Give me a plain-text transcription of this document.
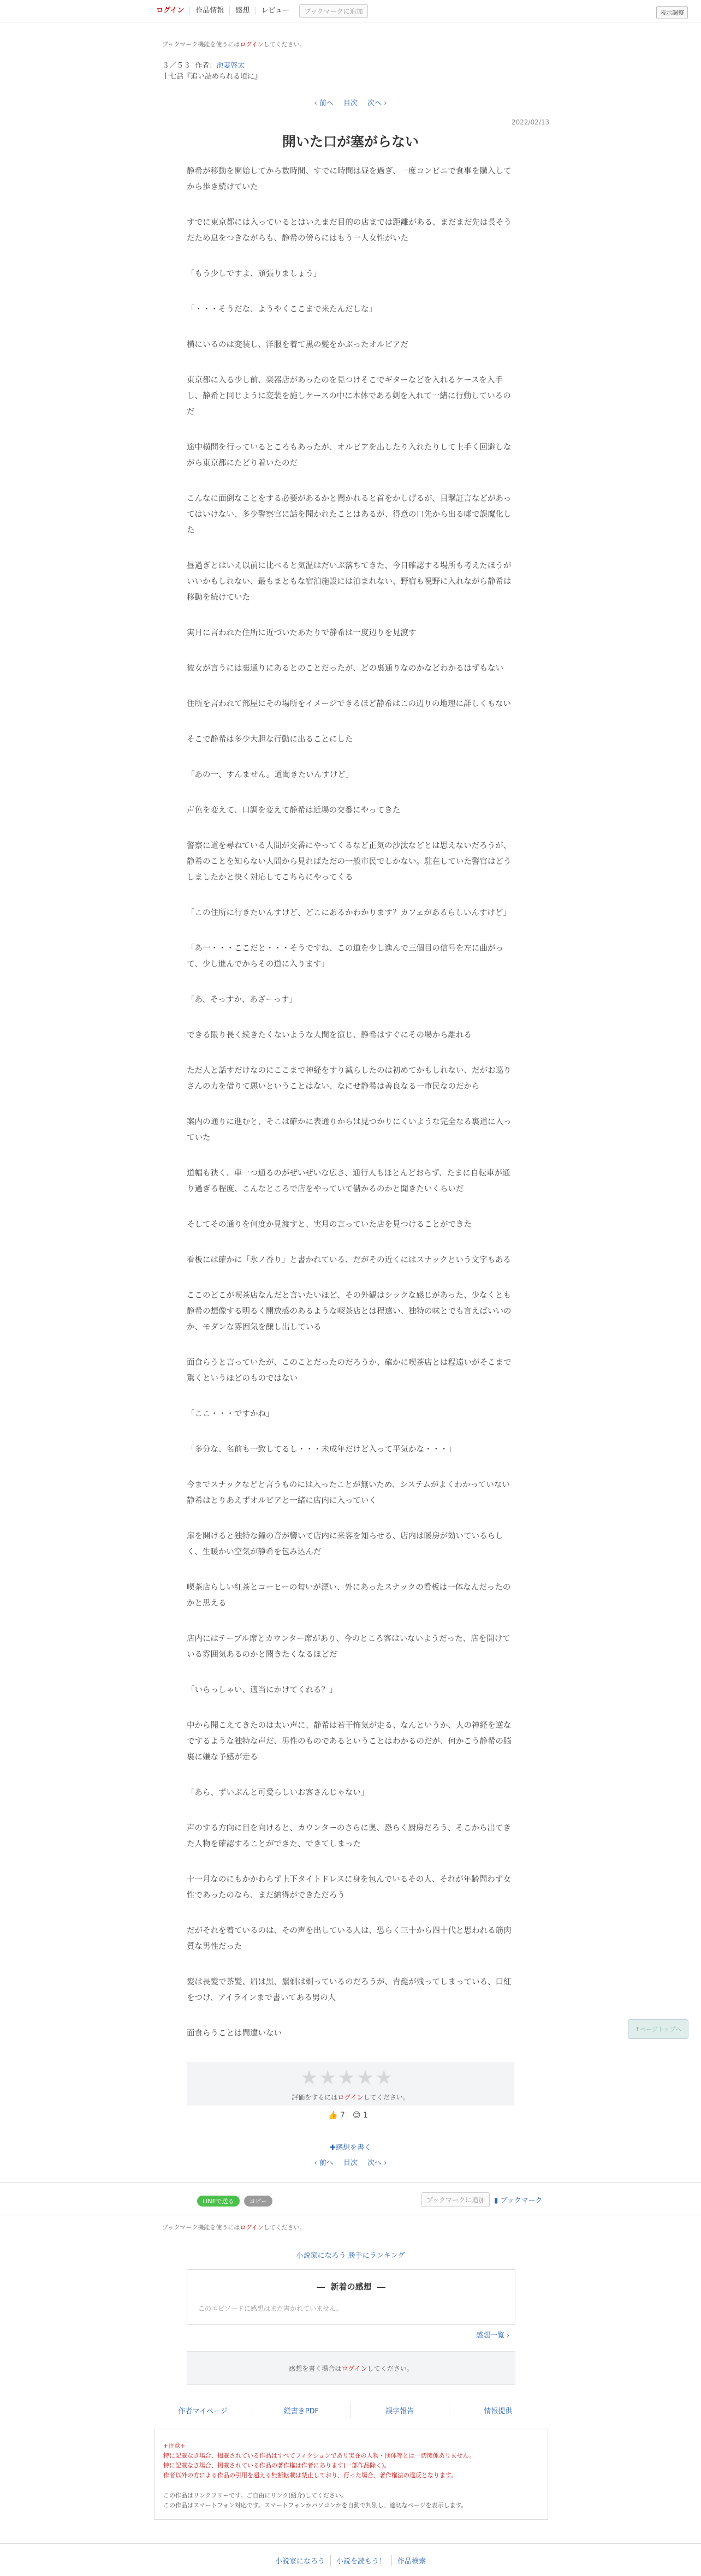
ログイン	作品情報	感想	レビュー	ブックマークに追加	表示調整
ブックマーク機能を使うにはログインしてください。
３／５３ 作者：池妻啓太
十七話『追い詰められる頃に』
‹ 前へ 目次 次へ ›
2022/02/13
開いた口が塞がらない

静希が移動を開始してから数時間、すでに時間は昼を過ぎ、一度コンビニで食事を購入してから歩き続けていた

すでに東京都には入っているとはいえまだ目的の店までは距離がある、まだまだ先は長そうだため息をつきながらも、静希の傍らにはもう一人女性がいた

「もう少しですよ、頑張りましょう」

「・・・そうだな、ようやくここまで来たんだしな」

横にいるのは変装し、洋服を着て黒の髪をかぶったオルビアだ

東京都に入る少し前、楽器店があったのを見つけそこでギターなどを入れるケースを入手し、静希と同じように変装を施しケースの中に本体である剣を入れて一緒に行動しているのだ

途中横問を行っているところもあったが、オルビアを出したり入れたりして上手く回避しながら東京都にたどり着いたのだ

こんなに面倒なことをする必要があるかと聞かれると首をかしげるが、目撃証言などがあってはいけない、多少警察官に話を聞かれたことはあるが、得意の口先から出る嘘で誤魔化した

昼過ぎとはいえ以前に比べると気温はだいぶ落ちてきた、今日確認する場所も考えたほうがいいかもしれない、最もまともな宿泊施設には泊まれない、野宿も視野に入れながら静希は移動を続けていた

実月に言われた住所に近づいたあたりで静希は一度辺りを見渡す

彼女が言うには裏通りにあるとのことだったが、どの裏通りなのかなどわかるはずもない

住所を言われて部屋にその場所をイメージできるほど静希はこの辺りの地理に詳しくもない

そこで静希は多少大胆な行動に出ることにした

「あの一、すんません。道聞きたいんすけど」

声色を変えて、口調を変えて静希は近場の交番にやってきた

警察に道を尋ねている人間が交番にやってくるなど正気の沙汰などとは思えないだろうが、静希のことを知らない人間から見ればただの一般市民でしかない。駐在していた警官はどうしましたかと快く対応してこちらにやってくる

「この住所に行きたいんすけど、どこにあるかわかります？カフェがあるらしいんすけど」

「あ一・・・ここだと・・・そうですね、この道を少し進んで三個目の信号を左に曲がって、少し進んでからその道に入ります」

「あ、そっすか、あざーっす」

できる限り長く続きたくないような人間を演じ、静希はすぐにその場から離れる

ただ人と話すだけなのにここまで神経をすり減らしたのは初めてかもしれない、だがお巡りさんの力を借りて悪いということはない、なにせ静希は善良なる一市民なのだから

案内の通りに進むと、そこは確かに表通りからは見つかりにくいような完全なる裏道に入っていた

道幅も狭く、車一つ通るのがぜいぜいな広さ、通行人もほとんどおらず、たまに自転車が通り過ぎる程度、こんなところで店をやっていて儲かるのかと聞きたいくらいだ

そしてその通りを何度か見渡すと、実月の言っていた店を見つけることができた

看板には確かに「氷ノ香り」と書かれている、だがその近くにはスナックという文字もある

ここのどこが喫茶店なんだと言いたいほど、その外観はシックな感じがあった、少なくとも静希の想像する明るく開放感のあるような喫茶店とは程遠い、独特の味とでも言えばいいのか、モダンな雰囲気を醸し出している

面食らうと言っていたが、このことだったのだろうか、確かに喫茶店とは程遠いがそこまで驚くというほどのものではない

「ここ・・・ですかね」

「多分な、名前も一致してるし・・・未成年だけど入って平気かな・・・」

今までスナックなどと言うものには入ったことが無いため、システムがよくわかっていない静希はとりあえずオルビアと一緒に店内に入っていく

扉を開けると独特な鐘の音が響いて店内に来客を知らせる、店内は暖房が効いているらしく、生暖かい空気が静希を包み込んだ

喫茶店らしい紅茶とコーヒーの匂いが漂い、外にあったスナックの看板は一体なんだったのかと思える

店内にはテーブル席とカウンター席があり、今のところ客はいないようだった、店を開けている雰囲気あるのかと聞きたくなるほどだ

「いらっしゃい、適当にかけてくれる？」

中から聞こえてきたのは太い声に、静希は若干怖気が走る、なんというか、人の神経を逆なでするような独特な声だ、男性のものであるということはわかるのだが、何かこう静希の脳裏に嫌な予感が走る

「あら、ずいぶんと可愛らしいお客さんじゃない」

声のする方向に目を向けると、カウンターのさらに奥、恐らく厨房だろう、そこから出てきた人物を確認することができた、できてしまった

十一月なのにもかかわらず上下タイトドレスに身を包んでいるその人、それが年齢問わず女性であったのなら、まだ納得ができただろう

だがそれを着ているのは、その声を出している人は、恐らく三十から四十代と思われる筋肉質な男性だった

髪は長髪で茶髪、眉は黒、鬚剃は剃っているのだろうが、青髭が残ってしまっている、口紅をつけ、アイラインまで書いてある男の人

面食らうことは間違いない	↑ページトップへ
★★★★★
評価をするにはログインしてください。
👍 7 😊 1
✚感想を書く
‹ 前へ 目次 次へ ›
LINEで送る	コピー	ブックマークに追加	▮ ブックマーク
ブックマーク機能を使うにはログインしてください。
小説家になろう 勝手にランキング
―  新着の感想  ―
このエピソードに感想はまだ書かれていません。
感想一覧 ›
感想を書く場合はログインしてください。
作者マイページ	縦書きPDF	誤字報告	情報提供
+注意+
特に記載なき場合、掲載されている作品はすべてフィクションであり実在の人物・団体等とは一切関係ありません。
特に記載なき場合、掲載されている作品の著作権は作者にあります(一部作品除く)。
作者以外の方による作品の引用を超える無断転載は禁止しており、行った場合、著作権法の違反となります。
この作品はリンクフリーです。ご自由にリンク(紹介)してください。
この作品はスマートフォン対応です。スマートフォンかパソコンかを自動で判別し、適切なページを表示します。
小説家になろう	小説を読もう！	作品検索
